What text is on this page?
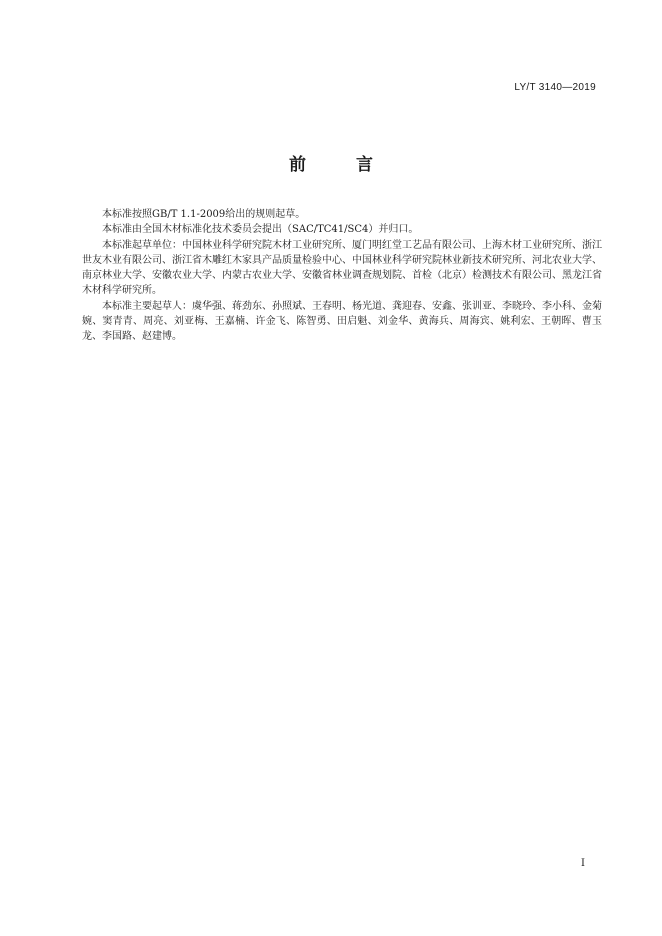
LY/T 3140—2019
前 言

本标准按照GB/T 1.1-2009给出的规则起草。

本标准由全国木材标准化技术委员会提出（SAC/TC41/SC4）并归口。

本标准起草单位：中国林业科学研究院木材工业研究所、厦门明红堂工艺品有限公司、上海木材工业研究所、浙江世友木业有限公司、浙江省木雕红木家具产品质量检验中心、中国林业科学研究院林业新技术研究所、河北农业大学、南京林业大学、安徽农业大学、内蒙古农业大学、安徽省林业调查规划院、首检（北京）检测技术有限公司、黑龙江省木材科学研究所。

本标准主要起草人：虞华强、蒋劲东、孙照斌、王春明、杨光道、龚迎春、安鑫、张训亚、李晓玲、李小科、金菊婉、窦青青、周亮、刘亚梅、王嘉楠、许金飞、陈智勇、田启魁、刘金华、黄海兵、周海宾、姚利宏、王朝晖、曹玉龙、李国路、赵建博。

I
